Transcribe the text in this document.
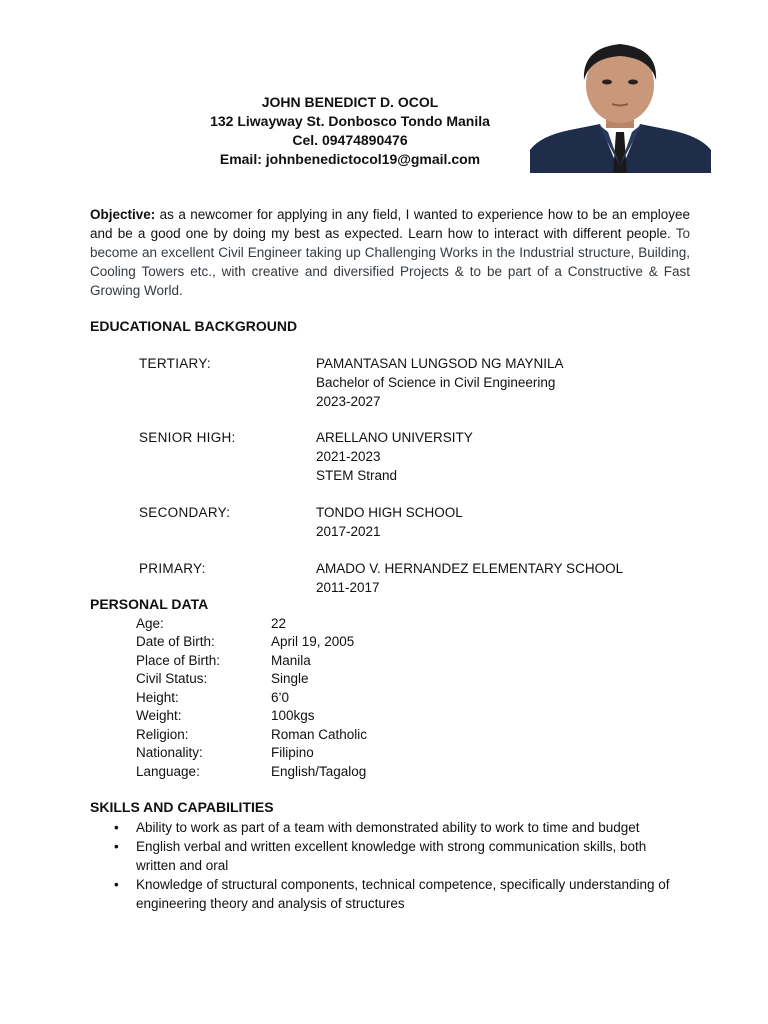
JOHN BENEDICT D. OCOL
132 Liwayway St. Donbosco Tondo Manila
Cel. 09474890476
Email: johnbenedictocol19@gmail.com
Objective: as a newcomer for applying in any field, I wanted to experience how to be an employee and be a good one by doing my best as expected. Learn how to interact with different people. To become an excellent Civil Engineer taking up Challenging Works in the Industrial structure, Building, Cooling Towers etc., with creative and diversified Projects & to be part of a Constructive & Fast Growing World.
EDUCATIONAL BACKGROUND
TERTIARY:	PAMANTASAN LUNGSOD NG MAYNILA
Bachelor of Science in Civil Engineering
2023-2027
SENIOR HIGH:	ARELLANO UNIVERSITY
2021-2023
STEM Strand
SECONDARY:	TONDO HIGH SCHOOL
2017-2021
PRIMARY:	AMADO V. HERNANDEZ ELEMENTARY SCHOOL
2011-2017
PERSONAL DATA
Age:	22
Date of Birth:	April 19, 2005
Place of Birth:	Manila
Civil Status:	Single
Height:	6’0
Weight:	100kgs
Religion:	Roman Catholic
Nationality:	Filipino
Language:	English/Tagalog
SKILLS AND CAPABILITIES
• Ability to work as part of a team with demonstrated ability to work to time and budget
• English verbal and written excellent knowledge with strong communication skills, both written and oral
• Knowledge of structural components, technical competence, specifically understanding of engineering theory and analysis of structures
